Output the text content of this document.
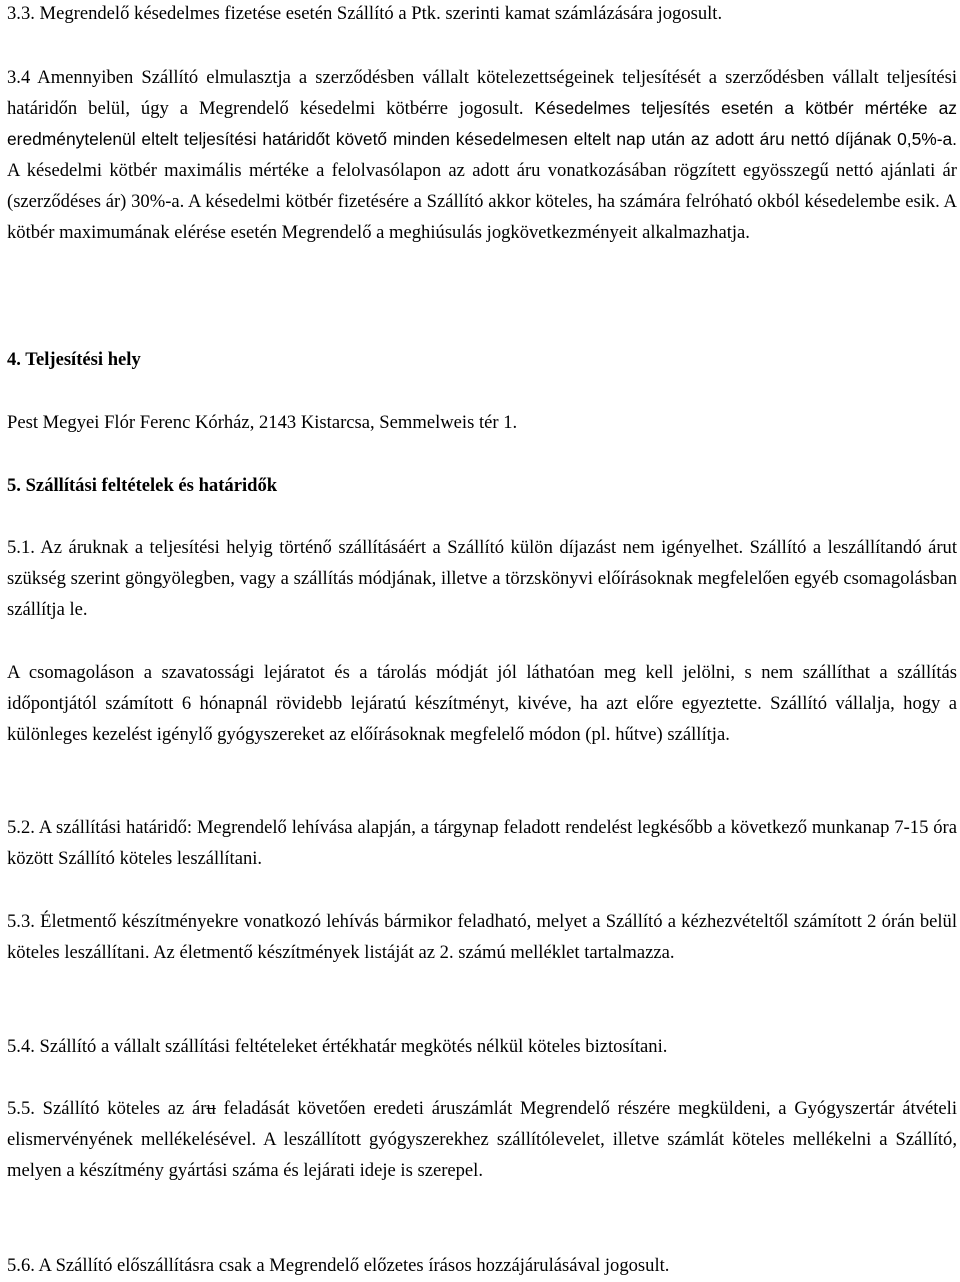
3.3. Megrendelő késedelmes fizetése esetén Szállító a Ptk. szerinti kamat számlázására jogosult.

3.4 Amennyiben Szállító elmulasztja a szerződésben vállalt kötelezettségeinek teljesítését a szerződésben vállalt teljesítési határidőn belül, úgy a Megrendelő késedelmi kötbérre jogosult. Késedelmes teljesítés esetén a kötbér mértéke az eredménytelenül eltelt teljesítési határidőt követő minden késedelmesen eltelt nap után az adott áru nettó díjának 0,5%-a. A késedelmi kötbér maximális mértéke a felolvasólapon az adott áru vonatkozásában rögzített egyösszegű nettó ajánlati ár (szerződéses ár) 30%-a. A késedelmi kötbér fizetésére a Szállító akkor köteles, ha számára felróható okból késedelembe esik. A kötbér maximumának elérése esetén Megrendelő a meghiúsulás jogkövetkezményeit alkalmazhatja.

4. Teljesítési hely

Pest Megyei Flór Ferenc Kórház, 2143 Kistarcsa, Semmelweis tér 1.

5. Szállítási feltételek és határidők

5.1. Az áruknak a teljesítési helyig történő szállításáért a Szállító külön díjazást nem igényelhet. Szállító a leszállítandó árut szükség szerint göngyölegben, vagy a szállítás módjának, illetve a törzskönyvi előírásoknak megfelelően egyéb csomagolásban szállítja le.

A csomagoláson a szavatossági lejáratot és a tárolás módját jól láthatóan meg kell jelölni, s nem szállíthat a szállítás időpontjától számított 6 hónapnál rövidebb lejáratú készítményt, kivéve, ha azt előre egyeztette. Szállító vállalja, hogy a különleges kezelést igénylő gyógyszereket az előírásoknak megfelelő módon (pl. hűtve) szállítja.

5.2. A szállítási határidő: Megrendelő lehívása alapján, a tárgynap feladott rendelést legkésőbb a következő munkanap 7-15 óra között Szállító köteles leszállítani.

5.3. Életmentő készítményekre vonatkozó lehívás bármikor feladható, melyet a Szállító a kézhezvételtől számított 2 órán belül köteles leszállítani. Az életmentő készítmények listáját az 2. számú melléklet tartalmazza.

5.4. Szállító a vállalt szállítási feltételeket értékhatár megkötés nélkül köteles biztosítani.

5.5. Szállító köteles az áru feladását követően eredeti áruszámlát Megrendelő részére megküldeni, a Gyógyszertár átvételi elismervényének mellékelésével. A leszállított gyógyszerekhez szállítólevelet, illetve számlát köteles mellékelni a Szállító, melyen a készítmény gyártási száma és lejárati ideje is szerepel.

5.6. A Szállító előszállításra csak a Megrendelő előzetes írásos hozzájárulásával jogosult.
